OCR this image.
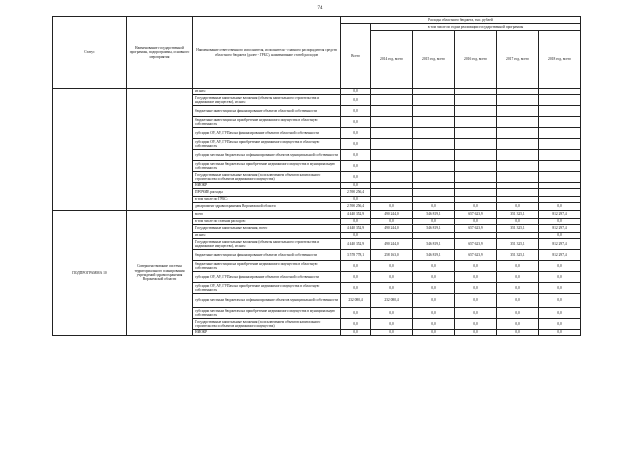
74
Статус	Наименование государственной программы, подпрограммы, основного мероприятия	Наименование ответственного исполнителя, исполнителя - главного распорядителя средств областного бюджета (далее - ГРБС), наименование статей расходов	Расходы областного бюджета, тыс. рублей					
			Всего	в том числе по годам реализации государственной программы				
				2014 год, всего	2015 год, всего	2016 год, всего	2017 год, всего	2018 год, всего
		из них:	0,0					
		Государственные капитальные вложения (объекты капитального строительства и надвижимое имущество), из них:	0,0					
		бюджетные инвестиции на финансирование объектов областной собственности	0,0					
		бюджетные инвестиции на приобретение недвижимого имущества в областную собственность	0,0					
		субсидии ОУ, АУ, ГУПам на финансирование объектов областной собственности	0,0					
		субсидии ОУ, АУ, ГУПам на приобретение недвижимого имущества в областную собственность	0,0					
		субсидии местным бюджетам на софинансирование объектов муниципальной собственности	0,0					
		субсидии местным бюджетам на приобретение недвижимого имущества в муниципальную собственность	0,0					
		Государственные капитальные вложения (за исключением объектов капитального строительства и объектов недвижимого имущества)	0,0					
		НИОКР	0,0					
		ПРОЧИЕ расходы	2 590 256,4					
		в том числе по ГРБС:	0,0					
		департамент здравоохранения Воронежской области	2 590 256,4	0,0	0,0	0,0	0,0	0,0
ПОДПРОГРАММА 10	Совершенствование системы территориального планирования учреждений здравоохранения Воронежской области	всего	4 440 352,9	490 244,0	546 819,1	657 623,9	351 325,1	812 297,4
		в том числе по статьям расходов:	0,0	0,0	0,0	0,0	0,0	0,0
		Государственные капитальные вложения, всего	4 440 352,9	490 244,0	546 819,1	657 623,9	351 325,1	812 297,4
		из них:	0,0					0,0
		Государственные капитальные вложения (объекты капитального строительства и надвижимое имущество), из них:	4 440 352,9	490 244,0	546 819,1	657 623,9	351 325,1	812 297,4
		бюджетные инвестиции на финансирование объектов областной собственности	3 578 778,1	258 163,0	546 819,1	657 623,9	351 325,1	812 297,4
		бюджетные инвестиции на приобретение недвижимого имущества в областную собственность	0,0	0,0	0,0	0,0	0,0	0,0
		субсидии ОУ, АУ, ГУПам на финансирование объектов областной собственности	0,0	0,0	0,0	0,0	0,0	0,0
		субсидии ОУ, АУ, ГУПам на приобретение недвижимого имущества в областную собственность	0,0	0,0	0,0	0,0	0,0	0,0
		субсидии местным бюджетам на софинансирование объектов муниципальной собственности	232 080,4	232 080,4	0,0	0,0	0,0	0,0
		субсидии местным бюджетам на приобретение недвижимого имущества в муниципальную собственность	0,0	0,0	0,0	0,0	0,0	0,0
		Государственные капитальные вложения (за исключением объектов капитального строительства и объектов недвижимого имущества)	0,0	0,0	0,0	0,0	0,0	0,0
		НИОКР	0,0	0,0	0,0	0,0	0,0	0,0
